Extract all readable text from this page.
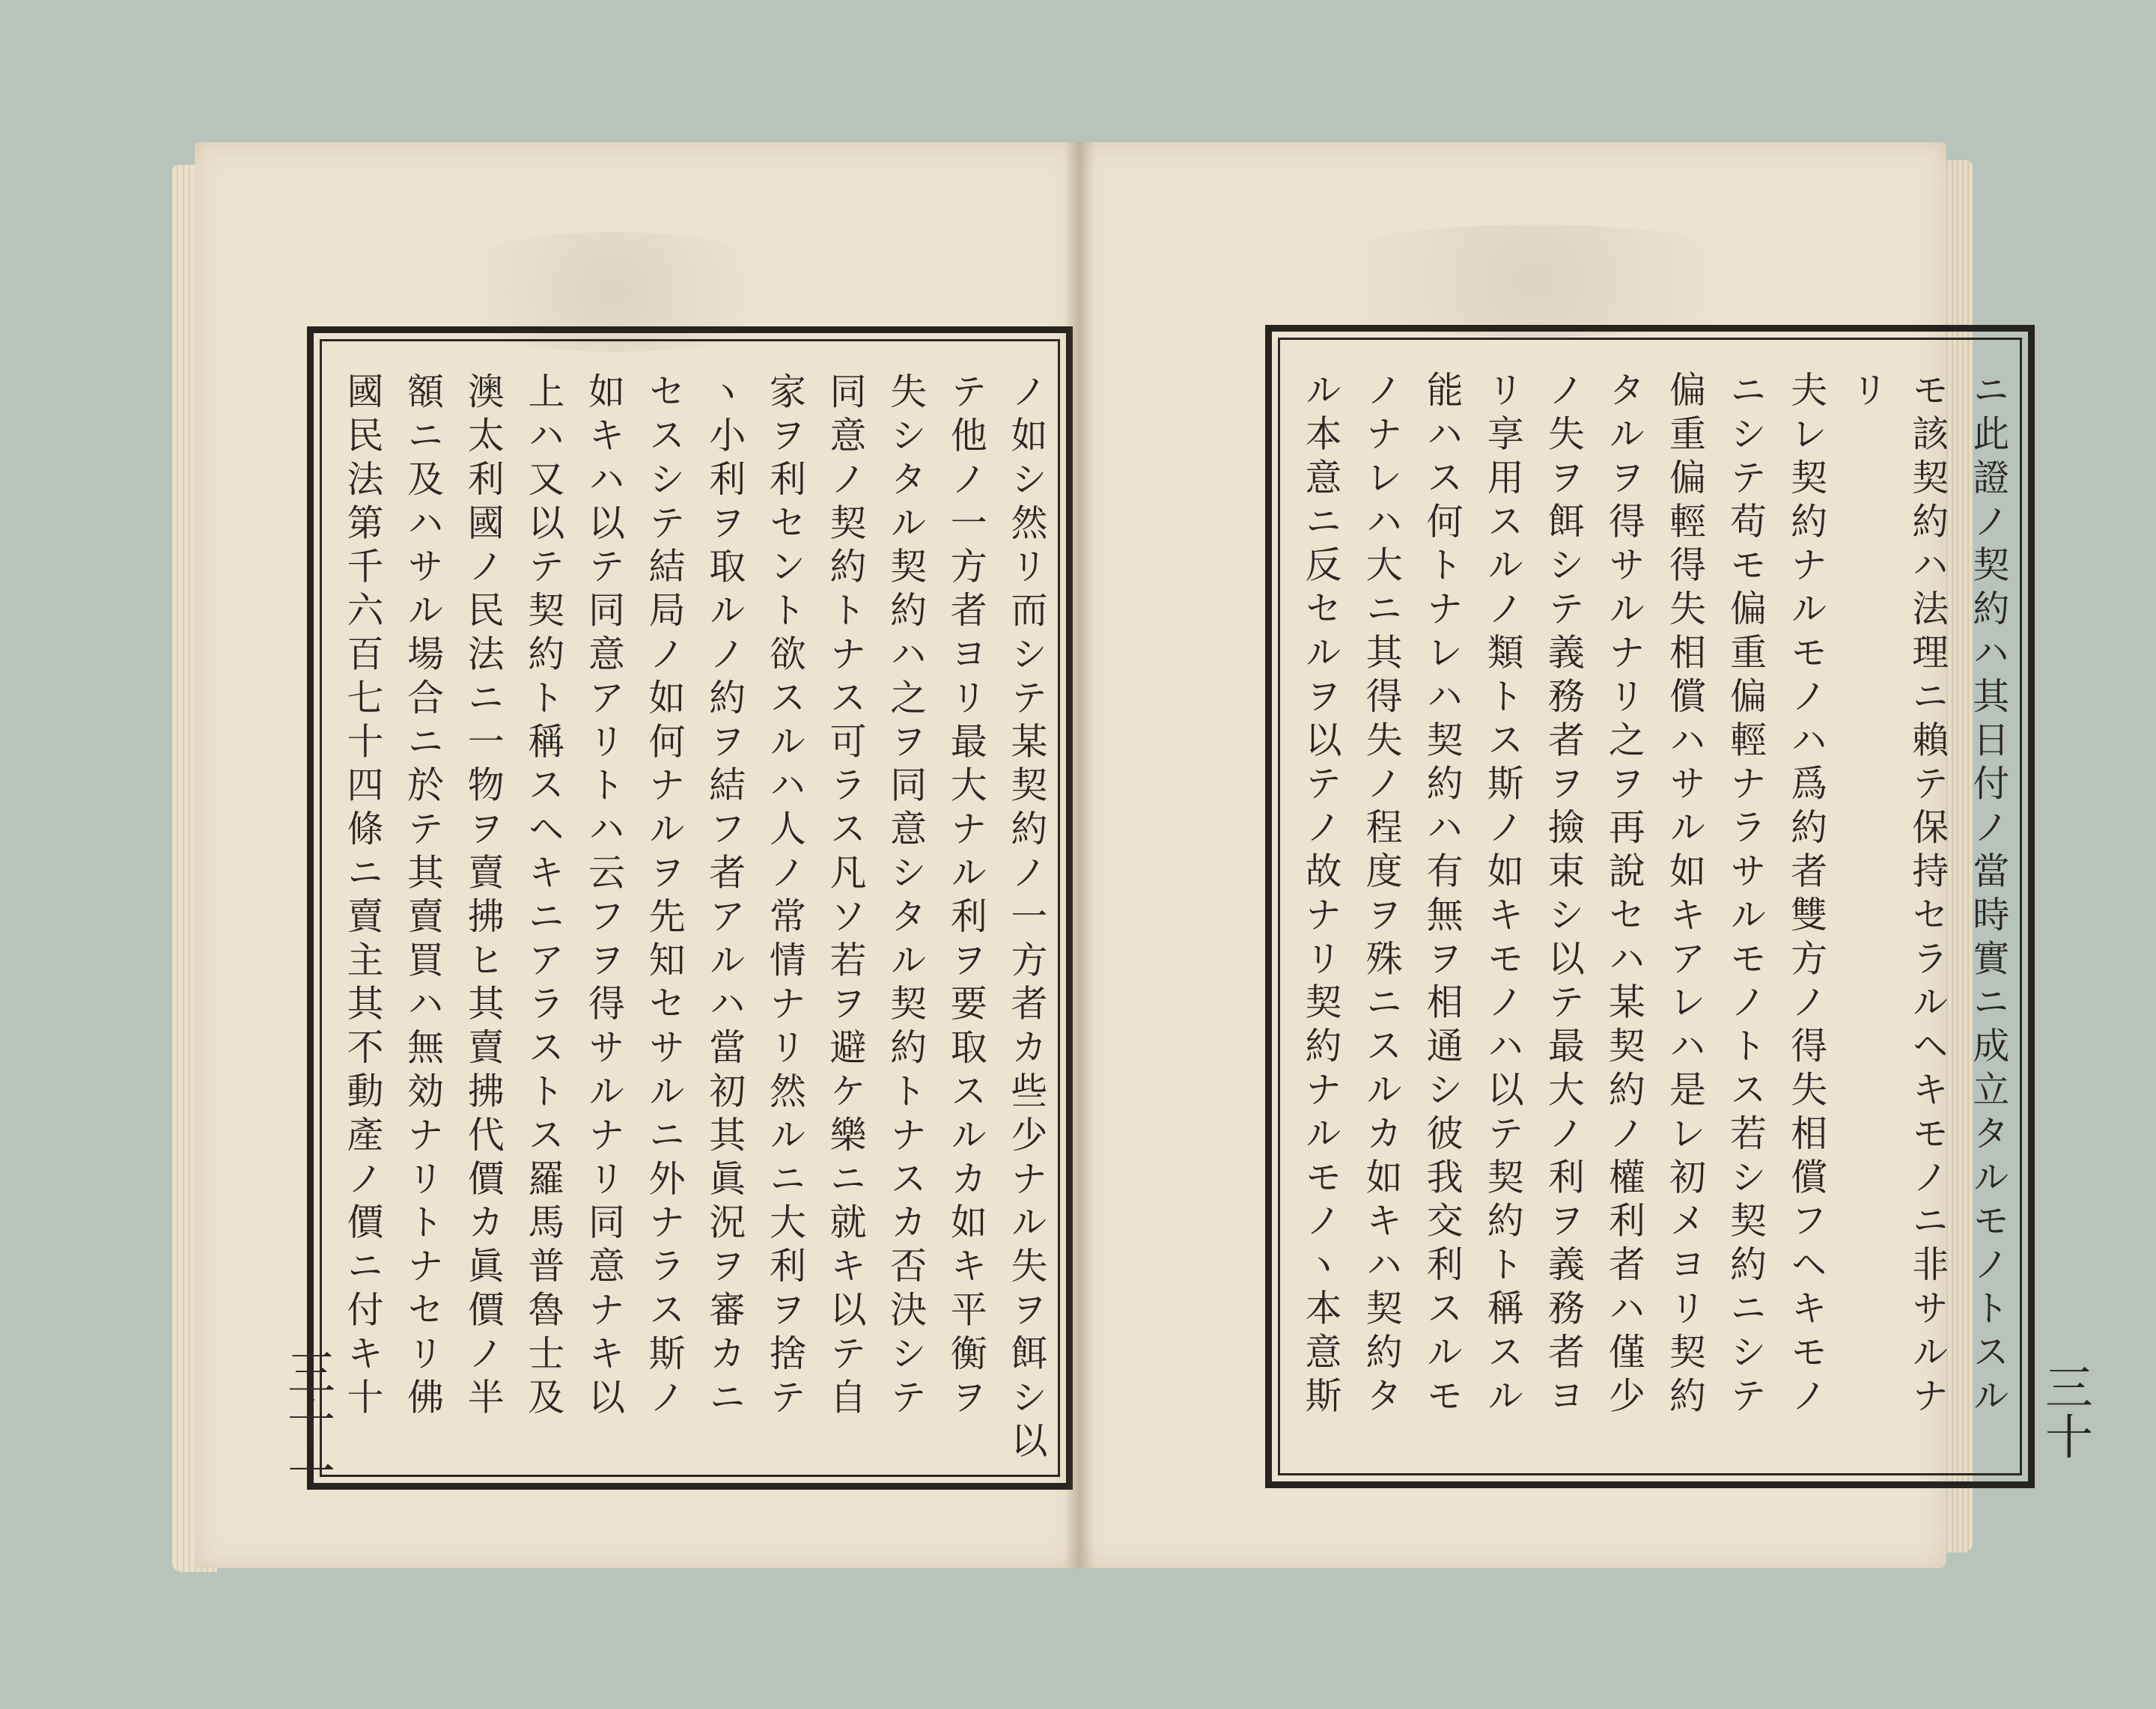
ノ如シ然リ而シテ某契約ノ一方者カ些少ナル失ヲ餌シ以
テ他ノ一方者ヨリ最大ナル利ヲ要取スルカ如キ平衡ヲ
失シタル契約ハ之ヲ同意シタル契約トナスカ否決シテ
同意ノ契約トナス可ラス凡ソ若ヲ避ケ樂ニ就キ以テ自
家ヲ利セント欲スルハ人ノ常情ナリ然ルニ大利ヲ捨テ
ヽ小利ヲ取ルノ約ヲ結フ者アルハ當初其眞況ヲ審カニ
セスシテ結局ノ如何ナルヲ先知セサルニ外ナラス斯ノ
如キハ以テ同意アリトハ云フヲ得サルナリ同意ナキ以
上ハ又以テ契約ト稱スヘキニアラストス羅馬普魯士及
澳太利國ノ民法ニ一物ヲ賣拂ヒ其賣拂代價カ眞價ノ半
額ニ及ハサル場合ニ於テ其賣買ハ無効ナリトナセリ佛
國民法第千六百七十四條ニ賣主其不動產ノ價ニ付キ十
三十一
ニ此證ノ契約ハ其日付ノ當時實ニ成立タルモノトスル
モ該契約ハ法理ニ賴テ保持セラルヘキモノニ非サルナ
リ
夫レ契約ナルモノハ爲約者雙方ノ得失相償フヘキモノ
ニシテ苟モ偏重偏輕ナラサルモノトス若シ契約ニシテ
偏重偏輕得失相償ハサル如キアレハ是レ初メヨリ契約
タルヲ得サルナリ之ヲ再說セハ某契約ノ權利者ハ僅少
ノ失ヲ餌シテ義務者ヲ撿束シ以テ最大ノ利ヲ義務者ヨ
リ享用スルノ類トス斯ノ如キモノハ以テ契約ト稱スル
能ハス何トナレハ契約ハ有無ヲ相通シ彼我交利スルモ
ノナレハ大ニ其得失ノ程度ヲ殊ニスルカ如キハ契約タ
ル本意ニ反セルヲ以テノ故ナリ契約ナルモノヽ本意斯	三十
